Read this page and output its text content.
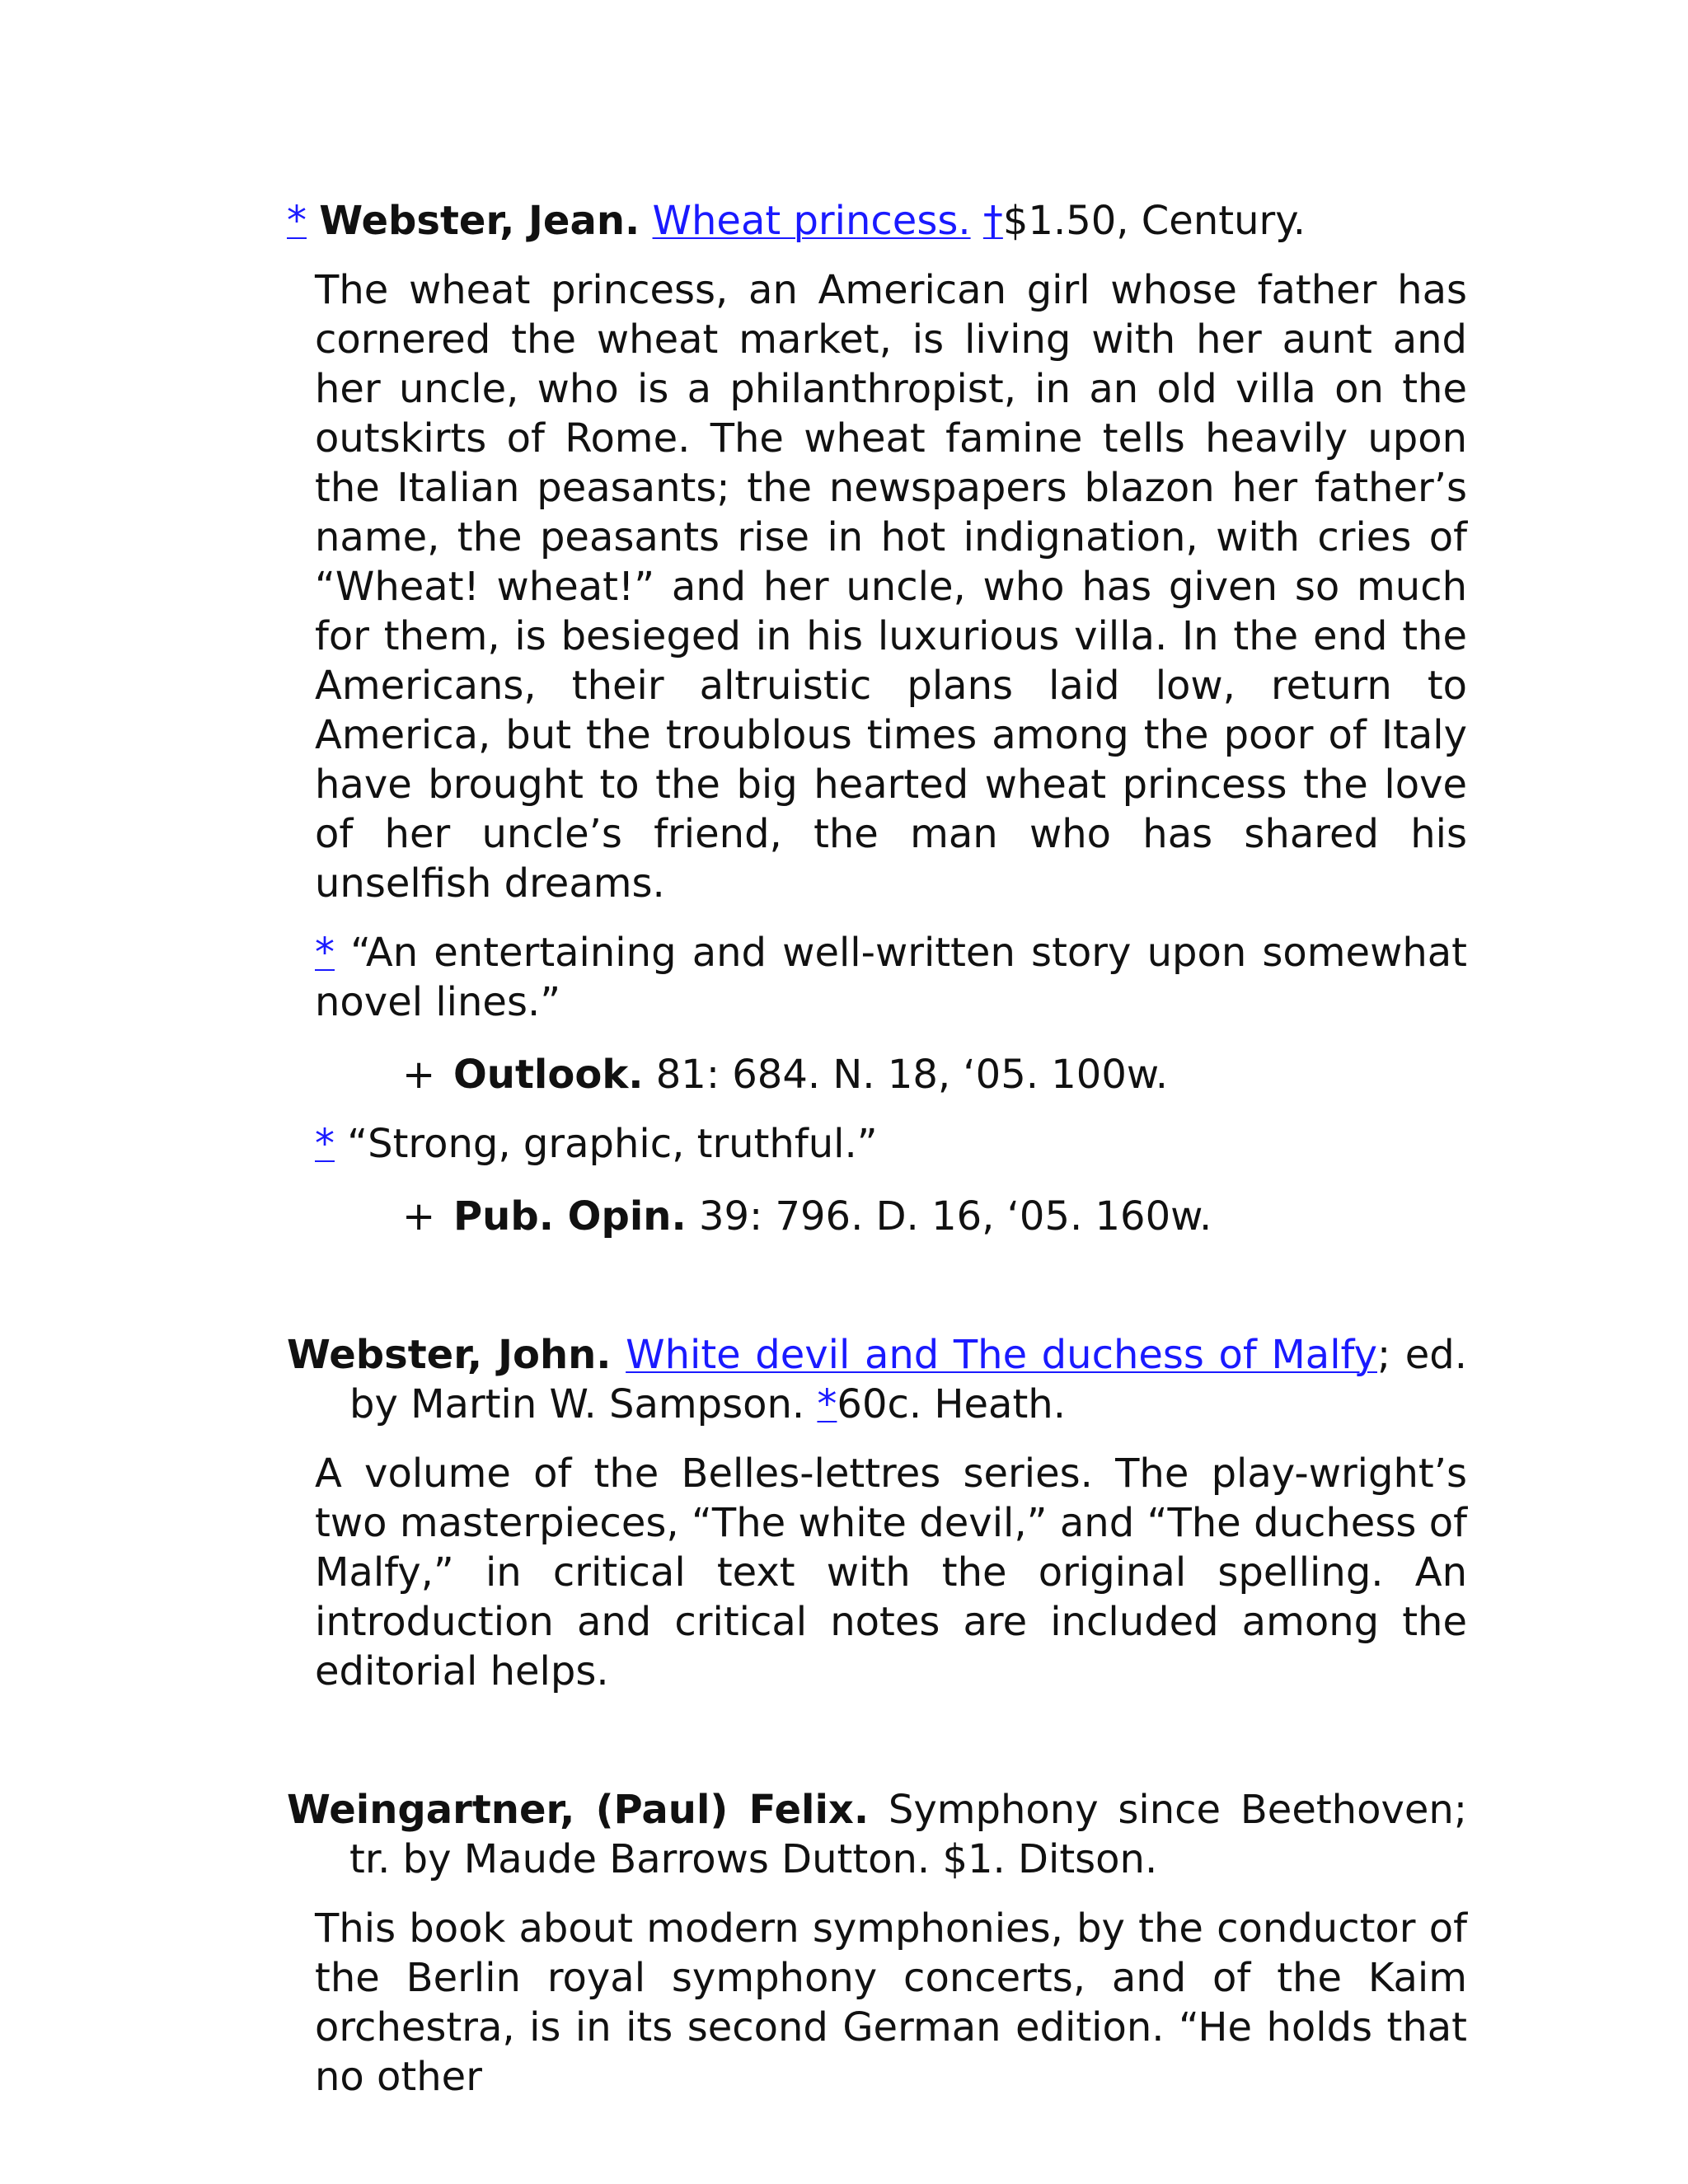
* Webster, Jean. Wheat princess. †$1.50, Century.

The wheat princess, an American girl whose father has cornered the wheat market, is living with her aunt and her uncle, who is a philanthropist, in an old villa on the outskirts of Rome. The wheat famine tells heavily upon the Italian peasants; the newspapers blazon her father’s name, the peasants rise in hot indignation, with cries of “Wheat! wheat!” and her uncle, who has given so much for them, is besieged in his luxurious villa. In the end the Americans, their altruistic plans laid low, return to America, but the troublous times among the poor of Italy have brought to the big hearted wheat princess the love of her uncle’s friend, the man who has shared his unselfish dreams.

* “An entertaining and well-written story upon somewhat novel lines.”

+ Outlook. 81: 684. N. 18, ‘05. 100w.

* “Strong, graphic, truthful.”

+ Pub. Opin. 39: 796. D. 16, ‘05. 160w.

Webster, John. White devil and The duchess of Malfy; ed. by Martin W. Sampson. *60c. Heath.

A volume of the Belles-lettres series. The play-wright’s two masterpieces, “The white devil,” and “The duchess of Malfy,” in critical text with the original spelling. An introduction and critical notes are included among the editorial helps.

Weingartner, (Paul) Felix. Symphony since Beethoven; tr. by Maude Barrows Dutton. $1. Ditson.

This book about modern symphonies, by the conductor of the Berlin royal symphony concerts, and of the Kaim orchestra, is in its second German edition. “He holds that no other
